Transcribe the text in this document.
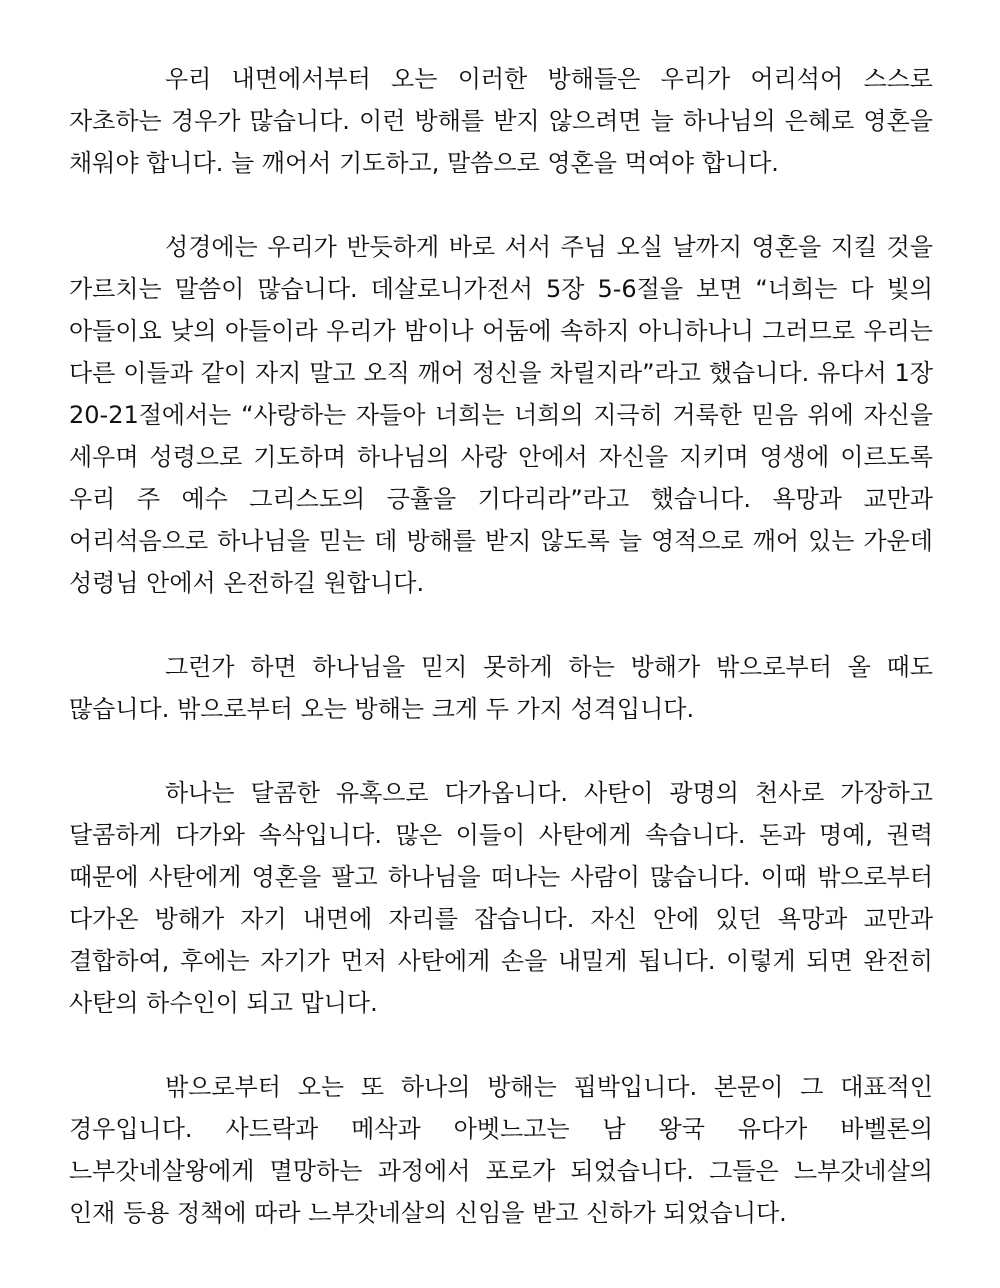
우리 내면에서부터 오는 이러한 방해들은 우리가 어리석어 스스로 자초하는 경우가 많습니다. 이런 방해를 받지 않으려면 늘 하나님의 은혜로 영혼을 채워야 합니다. 늘 깨어서 기도하고, 말씀으로 영혼을 먹여야 합니다.

성경에는 우리가 반듯하게 바로 서서 주님 오실 날까지 영혼을 지킬 것을 가르치는 말씀이 많습니다. 데살로니가전서 5장 5-6절을 보면 “너희는 다 빛의 아들이요 낮의 아들이라 우리가 밤이나 어둠에 속하지 아니하나니 그러므로 우리는 다른 이들과 같이 자지 말고 오직 깨어 정신을 차릴지라”라고 했습니다. 유다서 1장 20-21절에서는 “사랑하는 자들아 너희는 너희의 지극히 거룩한 믿음 위에 자신을 세우며 성령으로 기도하며 하나님의 사랑 안에서 자신을 지키며 영생에 이르도록 우리 주 예수 그리스도의 긍휼을 기다리라”라고 했습니다. 욕망과 교만과 어리석음으로 하나님을 믿는 데 방해를 받지 않도록 늘 영적으로 깨어 있는 가운데 성령님 안에서 온전하길 원합니다.

그런가 하면 하나님을 믿지 못하게 하는 방해가 밖으로부터 올 때도 많습니다. 밖으로부터 오는 방해는 크게 두 가지 성격입니다.

하나는 달콤한 유혹으로 다가옵니다. 사탄이 광명의 천사로 가장하고 달콤하게 다가와 속삭입니다. 많은 이들이 사탄에게 속습니다. 돈과 명예, 권력 때문에 사탄에게 영혼을 팔고 하나님을 떠나는 사람이 많습니다. 이때 밖으로부터 다가온 방해가 자기 내면에 자리를 잡습니다. 자신 안에 있던 욕망과 교만과 결합하여, 후에는 자기가 먼저 사탄에게 손을 내밀게 됩니다. 이렇게 되면 완전히 사탄의 하수인이 되고 맙니다.

밖으로부터 오는 또 하나의 방해는 핍박입니다. 본문이 그 대표적인 경우입니다. 사드락과 메삭과 아벳느고는 남 왕국 유다가 바벨론의 느부갓네살왕에게 멸망하는 과정에서 포로가 되었습니다. 그들은 느부갓네살의 인재 등용 정책에 따라 느부갓네살의 신임을 받고 신하가 되었습니다.
